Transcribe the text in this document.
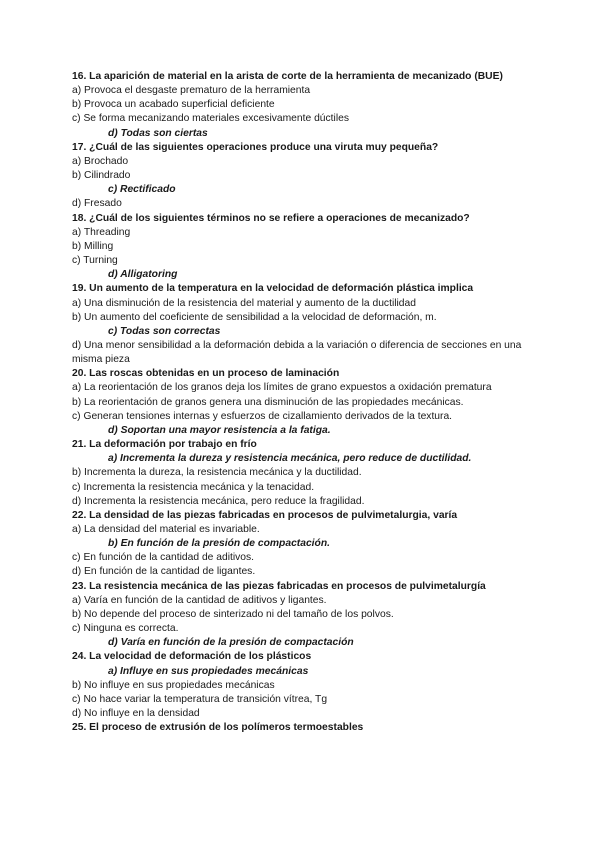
16. La aparición de material en la arista de corte de la herramienta de mecanizado (BUE)
a) Provoca el desgaste prematuro de la herramienta
b) Provoca un acabado superficial deficiente
c) Se forma mecanizando materiales excesivamente dúctiles
d) Todas son ciertas
17. ¿Cuál de las siguientes operaciones produce una viruta muy pequeña?
a) Brochado
b) Cilindrado
c) Rectificado
d) Fresado
18. ¿Cuál de los siguientes términos no se refiere a operaciones de mecanizado?
a) Threading
b) Milling
c) Turning
d) Alligatoring
19. Un aumento de la temperatura en la velocidad de deformación plástica implica
a) Una disminución de la resistencia del material y aumento de la ductilidad
b) Un aumento del coeficiente de sensibilidad a la velocidad de deformación, m.
c) Todas son correctas
d) Una menor sensibilidad a la deformación debida a la variación o diferencia de secciones en una misma pieza
20. Las roscas obtenidas en un proceso de laminación
a) La reorientación de los granos deja los límites de grano expuestos a oxidación prematura
b) La reorientación de granos genera una disminución de las propiedades mecánicas.
c) Generan tensiones internas y esfuerzos de cizallamiento derivados de la textura.
d) Soportan una mayor resistencia a la fatiga.
21. La deformación por trabajo en frío
a) Incrementa la dureza y resistencia mecánica, pero reduce de ductilidad.
b) Incrementa la dureza, la resistencia mecánica y la ductilidad.
c) Incrementa la resistencia mecánica y la tenacidad.
d) Incrementa la resistencia mecánica, pero reduce la fragilidad.
22. La densidad de las piezas fabricadas en procesos de pulvimetalurgia, varía
a) La densidad del material es invariable.
b) En función de la presión de compactación.
c) En función de la cantidad de aditivos.
d) En función de la cantidad de ligantes.
23. La resistencia mecánica de las piezas fabricadas en procesos de pulvimetalurgía
a) Varía en función de la cantidad de aditivos y ligantes.
b) No depende del proceso de sinterizado ni del tamaño de los polvos.
c) Ninguna es correcta.
d) Varía en función de la presión de compactación
24. La velocidad de deformación de los plásticos
a) Influye en sus propiedades mecánicas
b) No influye en sus propiedades mecánicas
c) No hace variar la temperatura de transición vítrea, Tg
d) No influye en la densidad
25. El proceso de extrusión de los polímeros termoestables
